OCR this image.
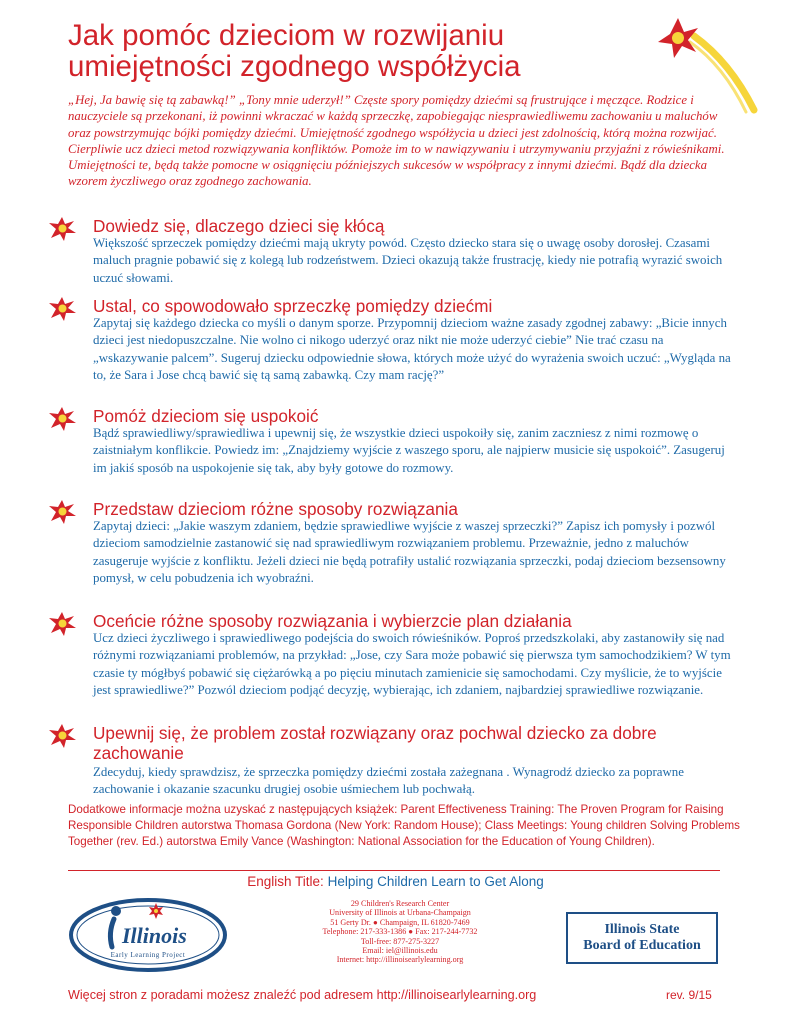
Jak pomóc dzieciom w rozwijaniu
umiejętności zgodnego współżycia

„Hej, Ja bawię się tą zabawką!” „Tony mnie uderzył!” Częste spory pomiędzy dziećmi są frustrujące i męczące. Rodzice i nauczyciele są przekonani, iż powinni wkraczać w każdą sprzeczkę, zapobiegając niesprawiedliwemu zachowaniu u maluchów oraz powstrzymując bójki pomiędzy dziećmi. Umiejętność zgodnego współżycia u dzieci jest zdolnością, którą można rozwijać. Cierpliwie ucz dzieci metod rozwiązywania konfliktów. Pomoże im to w nawiązywaniu i utrzymywaniu przyjaźni z rówieśnikami. Umiejętności te, będą także pomocne w osiągnięciu późniejszych sukcesów w współpracy z innymi dziećmi. Bądź dla dziecka wzorem życzliwego oraz zgodnego zachowania.

Dowiedz się, dlaczego dzieci się kłócą

Większość sprzeczek pomiędzy dziećmi mają ukryty powód. Często dziecko stara się o uwagę osoby dorosłej. Czasami maluch pragnie pobawić się z kolegą lub rodzeństwem. Dzieci okazują także frustrację, kiedy nie potrafią wyrazić swoich uczuć słowami.

Ustal, co spowodowało sprzeczkę pomiędzy dziećmi

Zapytaj się każdego dziecka co myśli o danym sporze. Przypomnij dzieciom ważne zasady zgodnej zabawy: „Bicie innych dzieci jest niedopuszczalne. Nie wolno ci nikogo uderzyć oraz nikt nie może uderzyć ciebie” Nie trać czasu na „wskazywanie palcem”. Sugeruj dziecku odpowiednie słowa, których może użyć do wyrażenia swoich uczuć: „Wygląda na to, że Sara i Jose chcą bawić się tą samą zabawką. Czy mam rację?”

Pomóż dzieciom się uspokoić

Bądź sprawiedliwy/sprawiedliwa i upewnij się, że wszystkie dzieci uspokoiły się, zanim zaczniesz z nimi rozmowę o zaistniałym konflikcie. Powiedz im: „Znajdziemy wyjście z waszego sporu, ale najpierw musicie się uspokoić”. Zasugeruj im jakiś sposób na uspokojenie się tak, aby były gotowe do rozmowy.

Przedstaw dzieciom różne sposoby rozwiązania

Zapytaj dzieci: „Jakie waszym zdaniem, będzie sprawiedliwe wyjście z waszej sprzeczki?” Zapisz ich pomysły i pozwól dzieciom samodzielnie zastanowić się nad sprawiedliwym rozwiązaniem problemu. Przeważnie, jedno z maluchów zasugeruje wyjście z konfliktu. Jeżeli dzieci nie będą potrafiły ustalić rozwiązania sprzeczki, podaj dzieciom bezsensowny pomysł, w celu pobudzenia ich wyobraźni.

Oceńcie różne sposoby rozwiązania i wybierzcie plan działania

Ucz dzieci życzliwego i sprawiedliwego podejścia do swoich rówieśników. Poproś przedszkolaki, aby zastanowiły się nad różnymi rozwiązaniami problemów, na przykład: „Jose, czy Sara może pobawić się pierwsza tym samochodzikiem? W tym czasie ty mógłbyś pobawić się ciężarówką a po pięciu minutach zamienicie się samochodami. Czy myślicie, że to wyjście jest sprawiedliwe?” Pozwól dzieciom podjąć decyzję, wybierając, ich zdaniem, najbardziej sprawiedliwe rozwiązanie.

Upewnij się, że problem został rozwiązany oraz pochwal dziecko za dobre zachowanie

Zdecyduj, kiedy sprawdzisz, że sprzeczka pomiędzy dziećmi została zażegnana . Wynagrodź dziecko za poprawne zachowanie i okazanie szacunku drugiej osobie uśmiechem lub pochwałą.

Dodatkowe informacje można uzyskać z następujących książek: Parent Effectiveness Training: The Proven Program for Raising Responsible Children autorstwa Thomasa Gordona (New York: Random House); Class Meetings: Young children Solving Problems Together (rev. Ed.) autorstwa Emily Vance (Washington: National Association for the Education of Young Children).

English Title: Helping Children Learn to Get Along
Illinois
Early Learning Project
29 Children's Research Center
University of Illinois at Urbana-Champaign
51 Gerty Dr. ● Champaign, IL 61820-7469
Telephone: 217-333-1386 ● Fax: 217-244-7732
Toll-free: 877-275-3227
Email: iel@illinois.edu
Internet: http://illinoisearlylearning.org
Illinois State
Board of Education
Więcej stron z poradami możesz znaleźć pod adresem http://illinoisearlylearning.org	rev. 9/15
